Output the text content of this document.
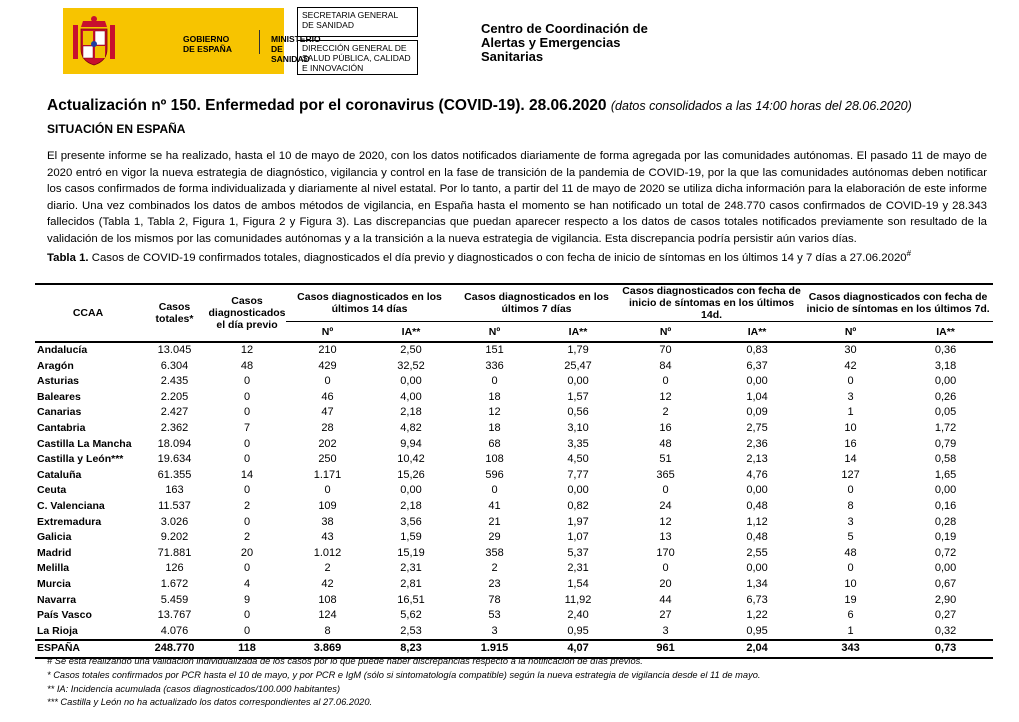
GOBIERNO
DE ESPAÑA
MINISTERIO
DE SANIDAD
SECRETARIA GENERAL
DE SANIDAD
DIRECCIÓN GENERAL DE
SALUD PÚBLICA, CALIDAD
E INNOVACIÓN
Centro de Coordinación de
Alertas y Emergencias
Sanitarias
Actualización nº 150. Enfermedad por el coronavirus (COVID-19). 28.06.2020 (datos consolidados a las 14:00 horas del 28.06.2020)
SITUACIÓN EN ESPAÑA
El presente informe se ha realizado, hasta el 10 de mayo de 2020, con los datos notificados diariamente de forma agregada por las comunidades autónomas. El pasado 11 de mayo de 2020 entró en vigor la nueva estrategia de diagnóstico, vigilancia y control en la fase de transición de la pandemia de COVID-19, por la que las comunidades autónomas deben notificar los casos confirmados de forma individualizada y diariamente al nivel estatal. Por lo tanto, a partir del 11 de mayo de 2020 se utiliza dicha información para la elaboración de este informe diario. Una vez combinados los datos de ambos métodos de vigilancia, en España hasta el momento se han notificado un total de 248.770 casos confirmados de COVID-19 y 28.343 fallecidos (Tabla 1, Tabla 2, Figura 1, Figura 2 y Figura 3). Las discrepancias que puedan aparecer respecto a los datos de casos totales notificados previamente son resultado de la validación de los mismos por las comunidades autónomas y a la transición a la nueva estrategia de vigilancia. Esta discrepancia podría persistir aún varios días.
Tabla 1. Casos de COVID-19 confirmados totales, diagnosticados el día previo y diagnosticados o con fecha de inicio de síntomas en los últimos 14 y 7 días a 27.06.2020#
CCAA	Casos totales*	Casos diagnosticados el día previo	Casos diagnosticados en los últimos 14 días		Casos diagnosticados en los últimos 7 días		Casos diagnosticados con fecha de inicio de síntomas en los últimos 14d.		Casos diagnosticados con fecha de inicio de síntomas en los últimos 7d.	
			Nº	IA**	Nº	IA**	Nº	IA**	Nº	IA**
Andalucía	13.045	12	210	2,50	151	1,79	70	0,83	30	0,36
Aragón	6.304	48	429	32,52	336	25,47	84	6,37	42	3,18
Asturias	2.435	0	0	0,00	0	0,00	0	0,00	0	0,00
Baleares	2.205	0	46	4,00	18	1,57	12	1,04	3	0,26
Canarias	2.427	0	47	2,18	12	0,56	2	0,09	1	0,05
Cantabria	2.362	7	28	4,82	18	3,10	16	2,75	10	1,72
Castilla La Mancha	18.094	0	202	9,94	68	3,35	48	2,36	16	0,79
Castilla y León***	19.634	0	250	10,42	108	4,50	51	2,13	14	0,58
Cataluña	61.355	14	1.171	15,26	596	7,77	365	4,76	127	1,65
Ceuta	163	0	0	0,00	0	0,00	0	0,00	0	0,00
C. Valenciana	11.537	2	109	2,18	41	0,82	24	0,48	8	0,16
Extremadura	3.026	0	38	3,56	21	1,97	12	1,12	3	0,28
Galicia	9.202	2	43	1,59	29	1,07	13	0,48	5	0,19
Madrid	71.881	20	1.012	15,19	358	5,37	170	2,55	48	0,72
Melilla	126	0	2	2,31	2	2,31	0	0,00	0	0,00
Murcia	1.672	4	42	2,81	23	1,54	20	1,34	10	0,67
Navarra	5.459	9	108	16,51	78	11,92	44	6,73	19	2,90
País Vasco	13.767	0	124	5,62	53	2,40	27	1,22	6	0,27
La Rioja	4.076	0	8	2,53	3	0,95	3	0,95	1	0,32
ESPAÑA	248.770	118	3.869	8,23	1.915	4,07	961	2,04	343	0,73
# Se está realizando una validación individualizada de los casos por lo que puede haber discrepancias respecto a la notificación de días previos.
* Casos totales confirmados por PCR hasta el 10 de mayo, y por PCR e IgM (sólo si sintomatología compatible) según la nueva estrategia de vigilancia desde el 11 de mayo.
** IA: Incidencia acumulada (casos diagnosticados/100.000 habitantes)
*** Castilla y León no ha actualizado los datos correspondientes al 27.06.2020.
